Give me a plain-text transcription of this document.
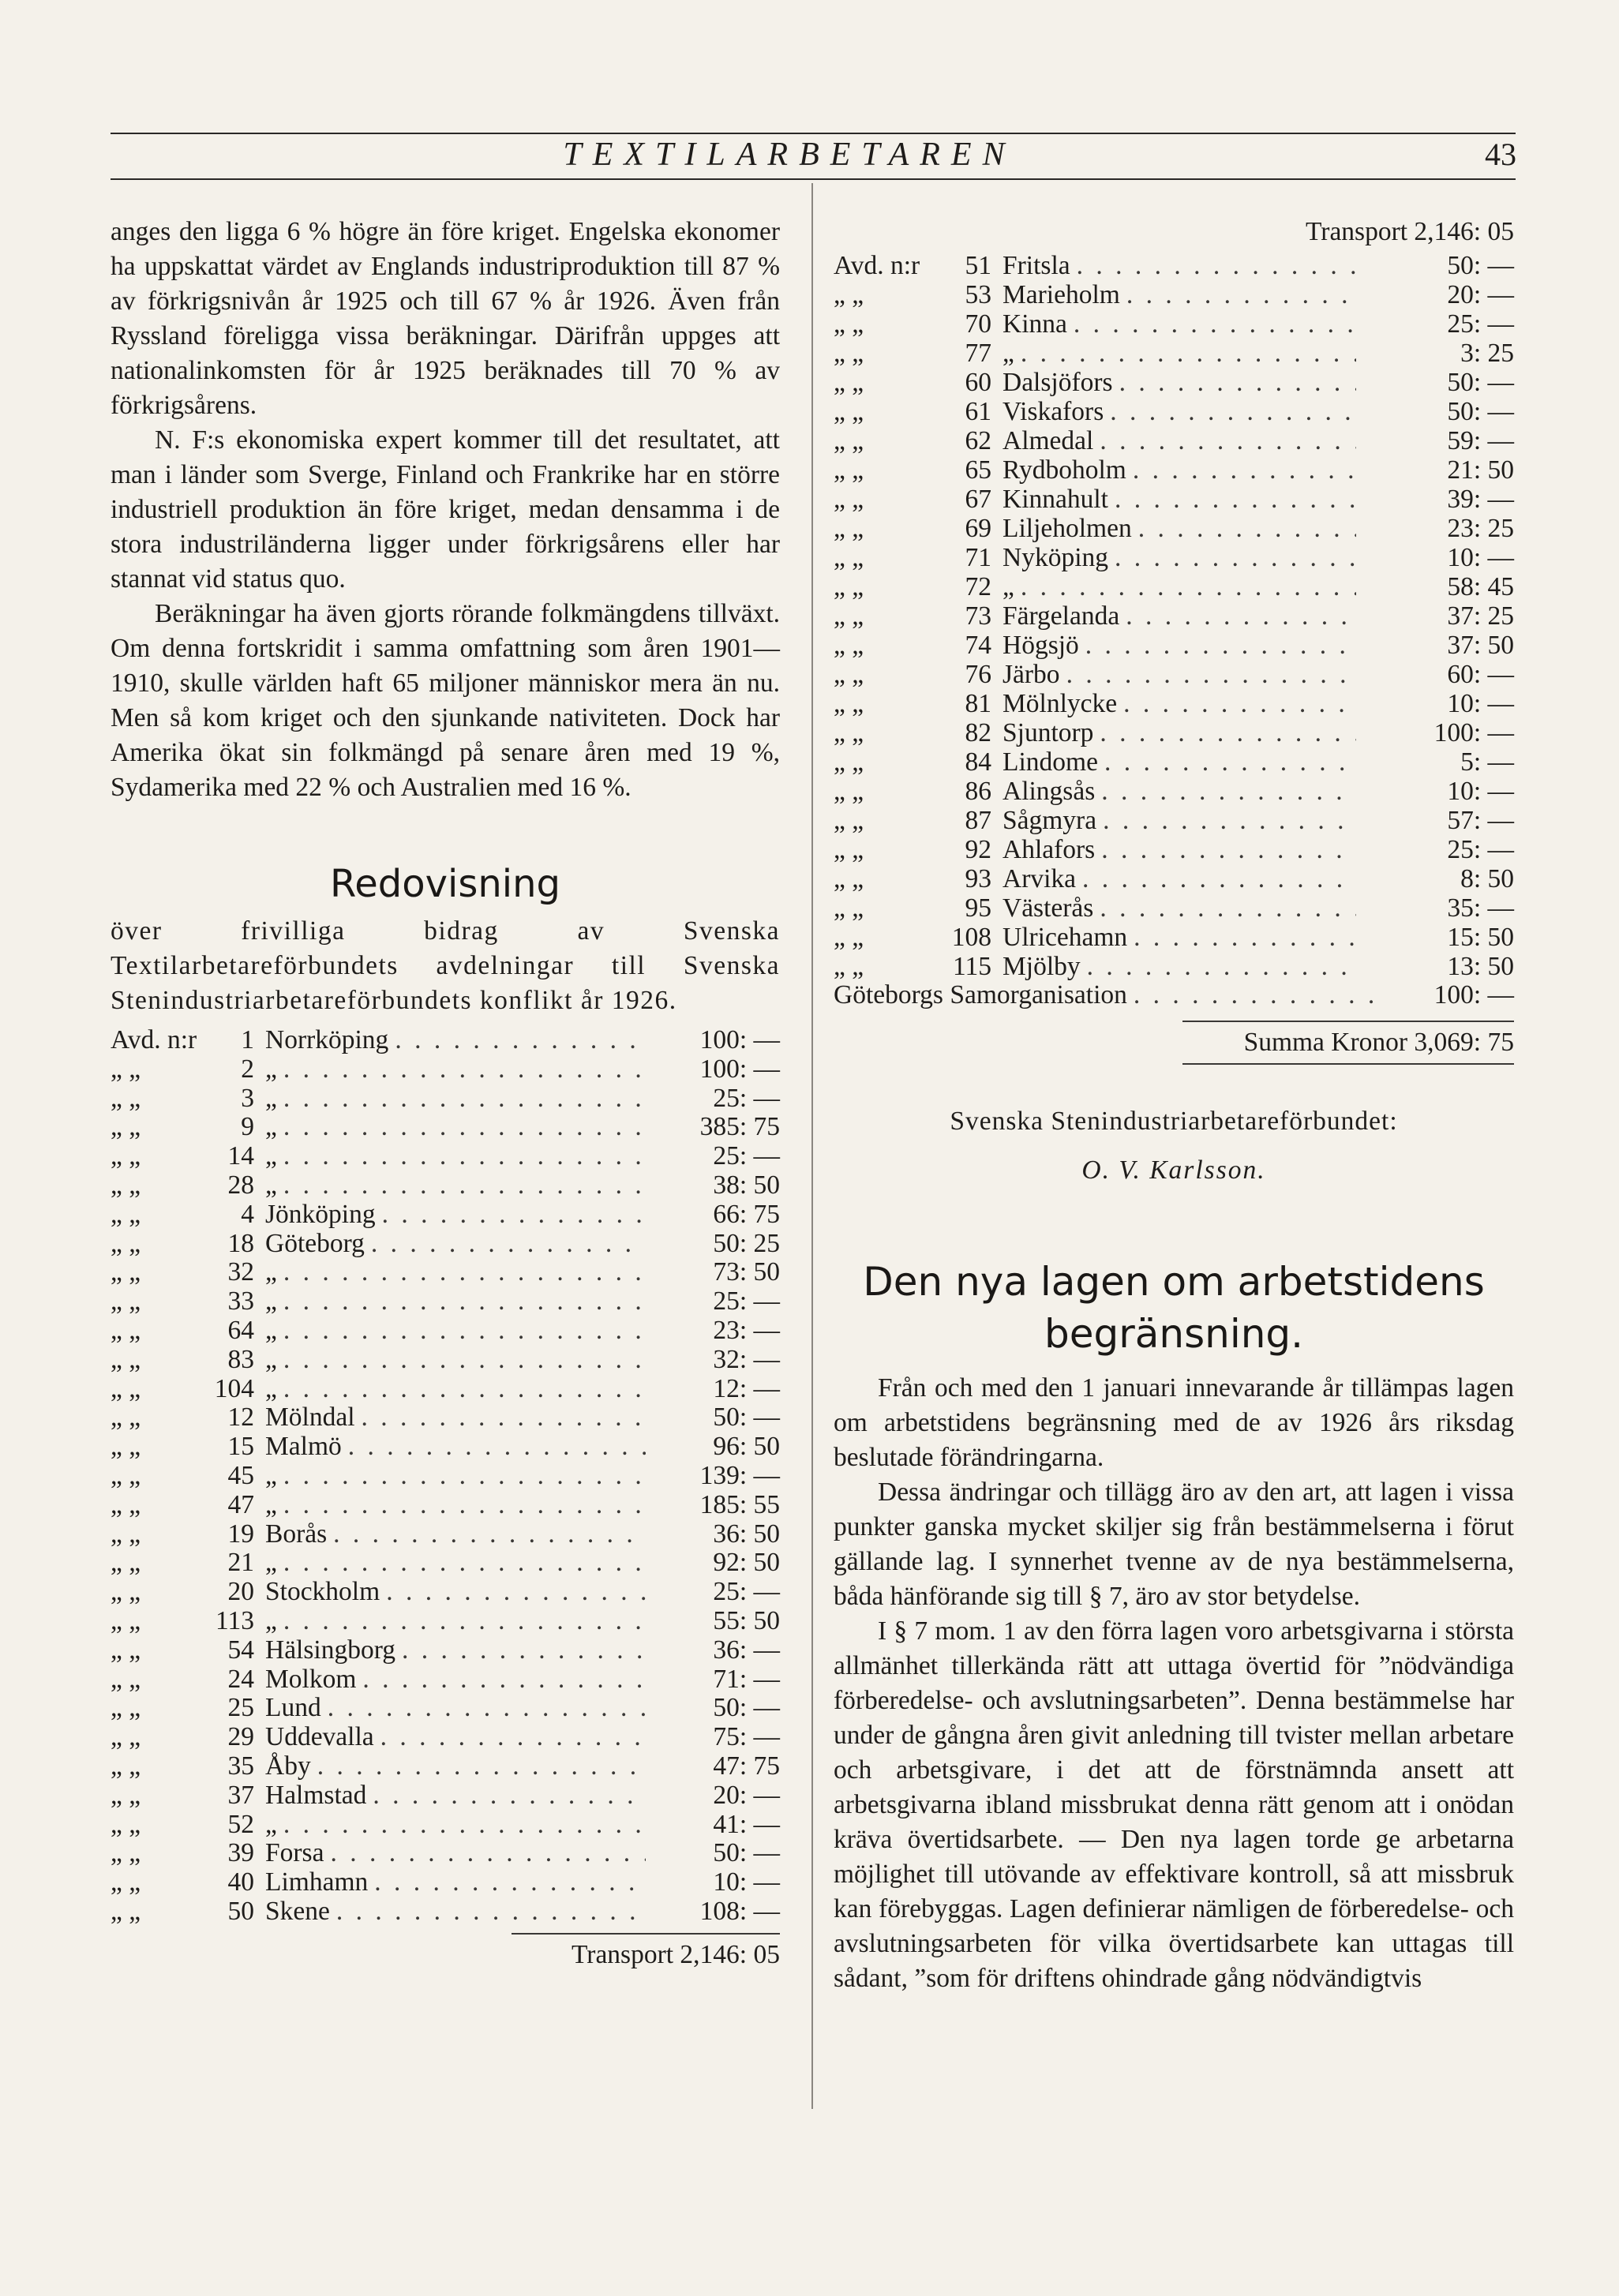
TEXTILARBETAREN	43

anges den ligga 6 % högre än före kriget. Engelska ekonomer ha uppskattat värdet av Englands industriproduktion till 87 % av förkrigsnivån år 1925 och till 67 % år 1926. Även från Ryssland föreligga vissa beräkningar. Därifrån uppges att nationalinkomsten för år 1925 beräknades till 70 % av förkrigsårens.

N. F:s ekonomiska expert kommer till det resultatet, att man i länder som Sverge, Finland och Frankrike har en större industriell produktion än före kriget, medan densamma i de stora industriländerna ligger under förkrigsårens eller har stannat vid status quo.

Beräkningar ha även gjorts rörande folkmängdens tillväxt. Om denna fortskridit i samma omfattning som åren 1901—1910, skulle världen haft 65 miljoner människor mera än nu. Men så kom kriget och den sjunkande nativiteten. Dock har Amerika ökat sin folkmängd på senare åren med 19 %, Sydamerika med 22 % och Australien med 16 %.

Redovisning

över frivilliga bidrag av Svenska Textilarbetareförbundets avdelningar till Svenska Stenindustriarbetareförbundets konflikt år 1926.

Avd. n:r	1 Norrköping . . .	100: —
„ „	2 „ . . .	100: —
„ „	3 „ . . .	25: —
„ „	9 „ . . .	385: 75
„ „	14 „ . . .	25: —
„ „	28 „ . . .	38: 50
„ „	4 Jönköping . . .	66: 75
„ „	18 Göteborg . . .	50: 25
„ „	32 „ . . .	73: 50
„ „	33 „ . . .	25: —
„ „	64 „ . . .	23: —
„ „	83 „ . . .	32: —
„ „	104 „ . . .	12: —
„ „	12 Mölndal . . .	50: —
„ „	15 Malmö . . .	96: 50
„ „	45 „ . . .	139: —
„ „	47 „ . . .	185: 55
„ „	19 Borås . . .	36: 50
„ „	21 „ . . .	92: 50
„ „	20 Stockholm . . .	25: —
„ „	113 „ . . .	55: 50
„ „	54 Hälsingborg . . .	36: —
„ „	24 Molkom . . .	71: —
„ „	25 Lund . . .	50: —
„ „	29 Uddevalla . . .	75: —
„ „	35 Åby . . .	47: 75
„ „	37 Halmstad . . .	20: —
„ „	52 „ . . .	41: —
„ „	39 Forsa . . .	50: —
„ „	40 Limhamn . . .	10: —
„ „	50 Skene . . .	108: —
Transport 2,146: 05
Transport 2,146: 05
Avd. n:r	51 Fritsla . . .	50: —
„ „	53 Marieholm . . .	20: —
„ „	70 Kinna . . .	25: —
„ „	77 „ . . .	3: 25
„ „	60 Dalsjöfors . . .	50: —
„ „	61 Viskafors . . .	50: —
„ „	62 Almedal . . .	59: —
„ „	65 Rydboholm . . .	21: 50
„ „	67 Kinnahult . . .	39: —
„ „	69 Liljeholmen . . .	23: 25
„ „	71 Nyköping . . .	10: —
„ „	72 „ . . .	58: 45
„ „	73 Färgelanda . . .	37: 25
„ „	74 Högsjö . . .	37: 50
„ „	76 Järbo . . .	60: —
„ „	81 Mölnlycke . . .	10: —
„ „	82 Sjuntorp . . .	100: —
„ „	84 Lindome . . .	5: —
„ „	86 Alingsås . . .	10: —
„ „	87 Sågmyra . . .	57: —
„ „	92 Ahlafors . . .	25: —
„ „	93 Arvika . . .	8: 50
„ „	95 Västerås . . .	35: —
„ „	108 Ulricehamn . . .	15: 50
„ „	115 Mjölby . . .	13: 50
Göteborgs Samorganisation . . .	100: —
Summa Kronor 3,069: 75
Svenska Stenindustriarbetareförbundet:
O. V. Karlsson.
Den nya lagen om arbetstidens begränsning.

Från och med den 1 januari innevarande år tillämpas lagen om arbetstidens begränsning med de av 1926 års riksdag beslutade förändringarna.

Dessa ändringar och tillägg äro av den art, att lagen i vissa punkter ganska mycket skiljer sig från bestämmelserna i förut gällande lag. I synnerhet tvenne av de nya bestämmelserna, båda hänförande sig till § 7, äro av stor betydelse.

I § 7 mom. 1 av den förra lagen voro arbetsgivarna i största allmänhet tillerkända rätt att uttaga övertid för ”nödvändiga förberedelse- och avslutningsarbeten”. Denna bestämmelse har under de gångna åren givit anledning till tvister mellan arbetare och arbetsgivare, i det att de förstnämnda ansett att arbetsgivarna ibland missbrukat denna rätt genom att i onödan kräva övertidsarbete. — Den nya lagen torde ge arbetarna möjlighet till utövande av effektivare kontroll, så att missbruk kan förebyggas. Lagen definierar nämligen de förberedelse- och avslutningsarbeten för vilka övertidsarbete kan uttagas till sådant, ”som för driftens ohindrade gång nödvändigtvis
